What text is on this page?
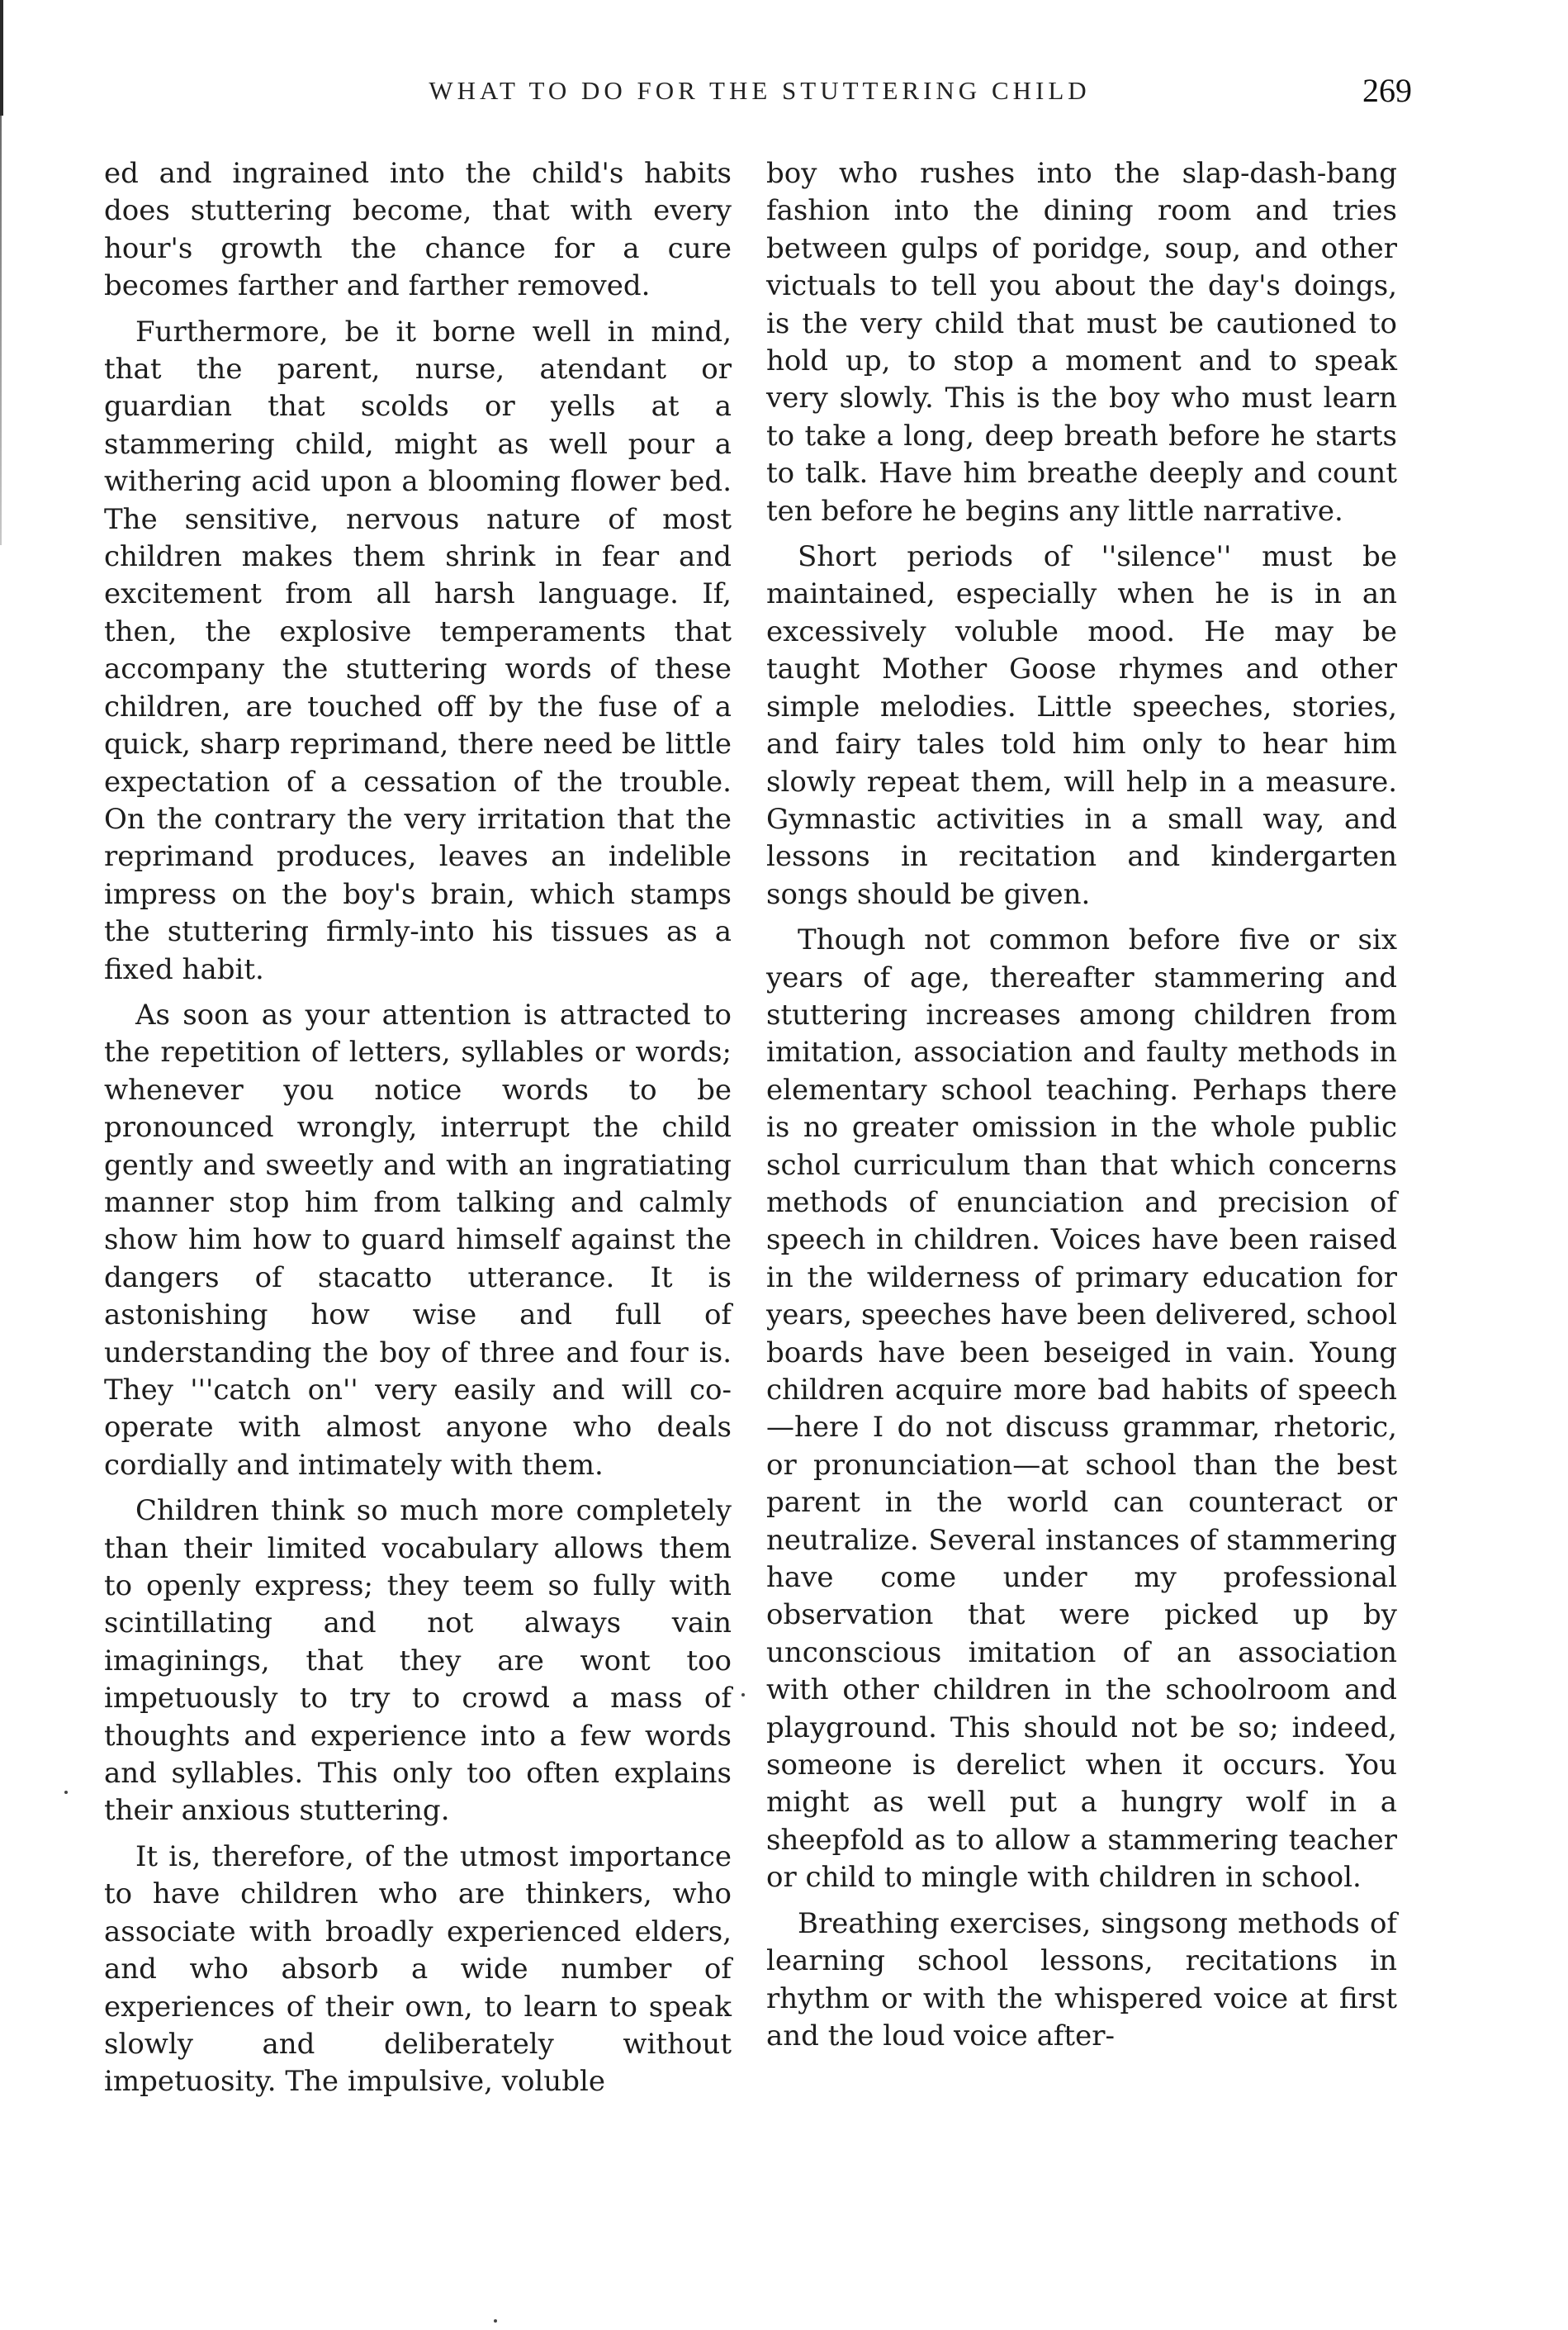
WHAT TO DO FOR THE STUTTERING CHILD	269

ed and ingrained into the child's habits does stuttering become, that with every hour's growth the chance for a cure becomes farther and farther removed.

Furthermore, be it borne well in mind, that the parent, nurse, atendant or guardian that scolds or yells at a stammering child, might as well pour a withering acid upon a blooming flower bed. The sensitive, nervous nature of most children makes them shrink in fear and excitement from all harsh language. If, then, the explosive temperaments that accompany the stuttering words of these children, are touched off by the fuse of a quick, sharp reprimand, there need be little expectation of a cessation of the trouble. On the contrary the very irritation that the reprimand produces, leaves an indelible impress on the boy's brain, which stamps the stuttering firmly-into his tissues as a fixed habit.

As soon as your attention is attracted to the repetition of letters, syllables or words; whenever you notice words to be pronounced wrongly, interrupt the child gently and sweetly and with an ingratiating manner stop him from talking and calmly show him how to guard himself against the dangers of stacatto utterance. It is astonishing how wise and full of understanding the boy of three and four is. They '''catch on'' very easily and will co-operate with almost anyone who deals cordially and intimately with them.

Children think so much more completely than their limited vocabulary allows them to openly express; they teem so fully with scintillating and not always vain imaginings, that they are wont too impetuously to try to crowd a mass of thoughts and experience into a few words and syllables. This only too often explains their anxious stuttering.

It is, therefore, of the utmost importance to have children who are thinkers, who associate with broadly experienced elders, and who absorb a wide number of experiences of their own, to learn to speak slowly and deliberately without impetuosity. The impulsive, voluble

boy who rushes into the slap-dash-bang fashion into the dining room and tries between gulps of poridge, soup, and other victuals to tell you about the day's doings, is the very child that must be cautioned to hold up, to stop a moment and to speak very slowly. This is the boy who must learn to take a long, deep breath before he starts to talk. Have him breathe deeply and count ten before he begins any little narrative.

Short periods of ''silence'' must be maintained, especially when he is in an excessively voluble mood. He may be taught Mother Goose rhymes and other simple melodies. Little speeches, stories, and fairy tales told him only to hear him slowly repeat them, will help in a measure. Gymnastic activities in a small way, and lessons in recitation and kindergarten songs should be given.

Though not common before five or six years of age, thereafter stammering and stuttering increases among children from imitation, association and faulty methods in elementary school teaching. Perhaps there is no greater omission in the whole public schol curriculum than that which concerns methods of enunciation and precision of speech in children. Voices have been raised in the wilderness of primary education for years, speeches have been delivered, school boards have been beseiged in vain. Young children acquire more bad habits of speech—here I do not discuss grammar, rhetoric, or pronunciation—at school than the best parent in the world can counteract or neutralize. Several instances of stammering have come under my professional observation that were picked up by unconscious imitation of an association with other children in the schoolroom and playground. This should not be so; indeed, someone is derelict when it occurs. You might as well put a hungry wolf in a sheepfold as to allow a stammering teacher or child to mingle with children in school.

Breathing exercises, singsong methods of learning school lessons, recitations in rhythm or with the whispered voice at first and the loud voice after-
